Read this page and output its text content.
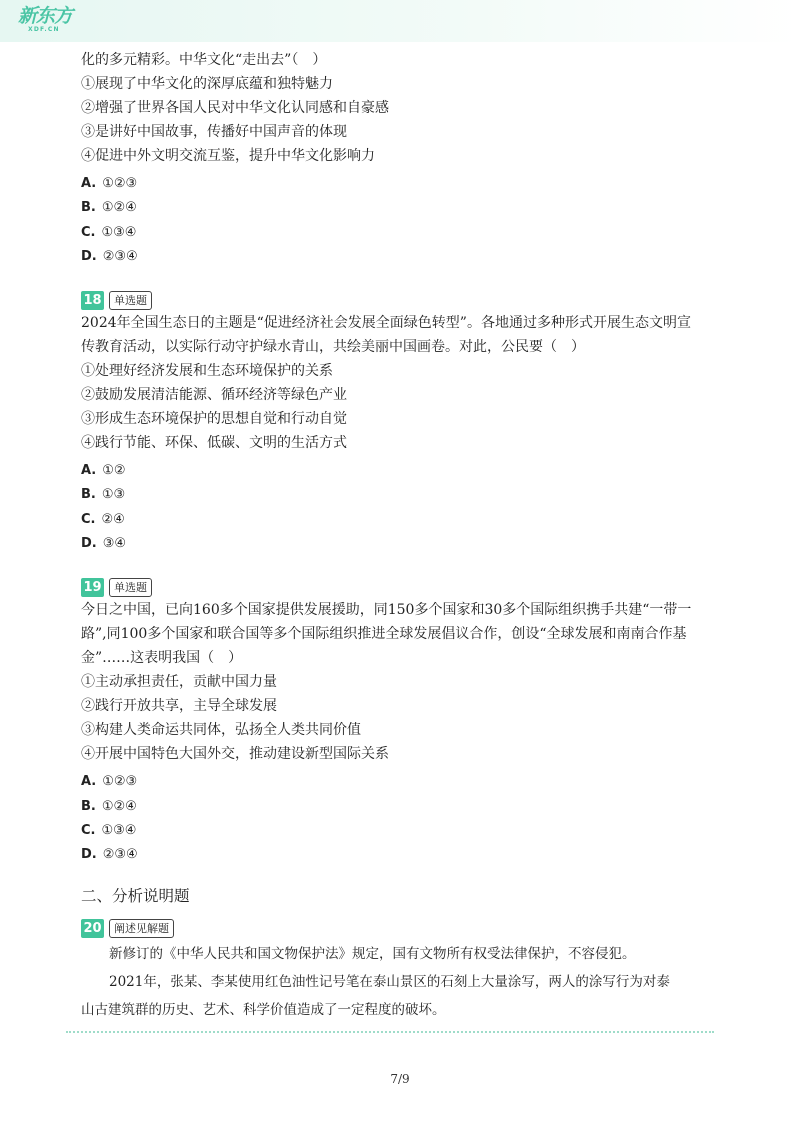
新东方
XDF.CN
化的多元精彩。中华文化“走出去”（　）
①展现了中华文化的深厚底蕴和独特魅力
②增强了世界各国人民对中华文化认同感和自豪感
③是讲好中国故事，传播好中国声音的体现
④促进中外文明交流互鉴，提升中华文化影响力
A. ①②③
B. ①②④
C. ①③④
D. ②③④
18	单选题
2024年全国生态日的主题是“促进经济社会发展全面绿色转型”。各地通过多种形式开展生态文明宣
传教育活动，以实际行动守护绿水青山，共绘美丽中国画卷。对此，公民要（　）
①处理好经济发展和生态环境保护的关系
②鼓励发展清洁能源、循环经济等绿色产业
③形成生态环境保护的思想自觉和行动自觉
④践行节能、环保、低碳、文明的生活方式
A. ①②
B. ①③
C. ②④
D. ③④
19	单选题
今日之中国，已向160多个国家提供发展援助，同150多个国家和30多个国际组织携手共建“一带一
路”,同100多个国家和联合国等多个国际组织推进全球发展倡议合作，创设“全球发展和南南合作基
金”……这表明我国（　）
①主动承担责任，贡献中国力量
②践行开放共享，主导全球发展
③构建人类命运共同体，弘扬全人类共同价值
④开展中国特色大国外交，推动建设新型国际关系
A. ①②③
B. ①②④
C. ①③④
D. ②③④
二、分析说明题
20	阐述见解题
新修订的《中华人民共和国文物保护法》规定，国有文物所有权受法律保护，不容侵犯。
2021年，张某、李某使用红色油性记号笔在泰山景区的石刻上大量涂写，两人的涂写行为对泰
山古建筑群的历史、艺术、科学价值造成了一定程度的破坏。
7/9
